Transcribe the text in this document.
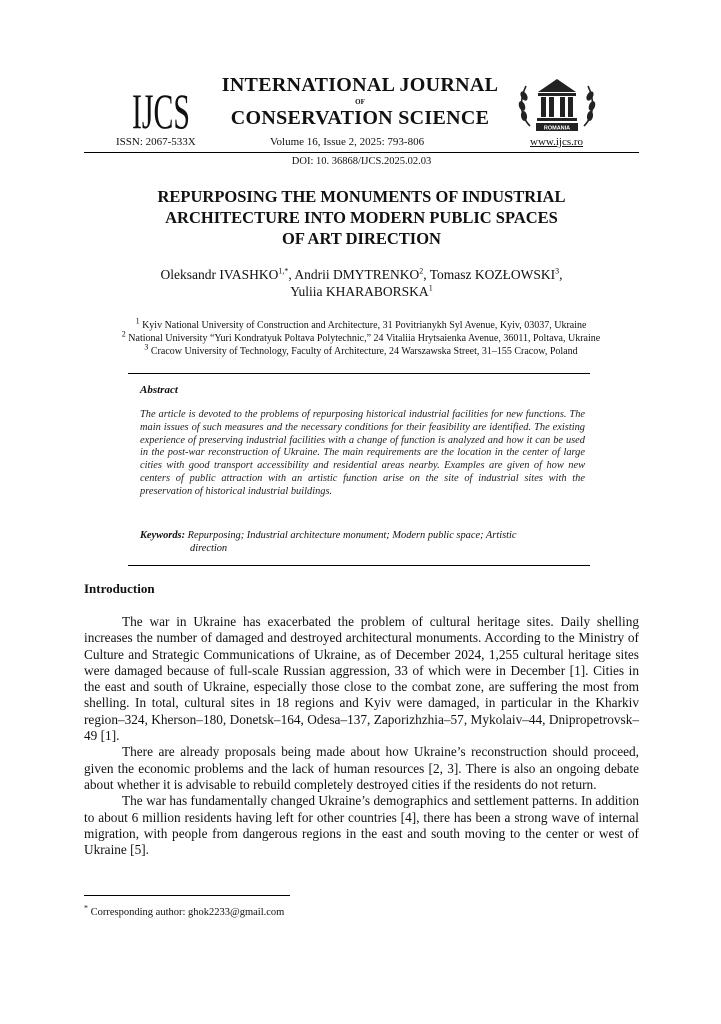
IJCS	INTERNATIONAL JOURNAL
OF
CONSERVATION SCIENCE	ROMANIA
ISSN: 2067-533X	Volume 16, Issue 2, 2025: 793-806	www.ijcs.ro
DOI: 10. 36868/IJCS.2025.02.03
REPURPOSING THE MONUMENTS OF INDUSTRIAL
ARCHITECTURE INTO MODERN PUBLIC SPACES
OF ART DIRECTION
Oleksandr $IVASHKO^{1,*}$, Andrii DMYTRENKO$^2$, Tomasz KOZŁOWSKI$^3$,
Yuliia KHARABORSKA$^1$
$^1$ Kyiv National University of Construction and Architecture, 31 Povitrianykh Syl Avenue, Kyiv, 03037, Ukraine
$^2$ National University “Yuri Kondratyuk Poltava Polytechnic,” 24 Vitaliia Hrytsaienka Avenue, 36011, Poltava, Ukraine
$^3$ Cracow University of Technology, Faculty of Architecture, 24 Warszawska Street, 31–155 Cracow, Poland
Abstract
The article is devoted to the problems of repurposing historical industrial facilities for new functions. The main issues of such measures and the necessary conditions for their feasibility are identified. The existing experience of preserving industrial facilities with a change of function is analyzed and how it can be used in the post-war reconstruction of Ukraine. The main requirements are the location in the center of large cities with good transport accessibility and residential areas nearby. Examples are given of how new centers of public attraction with an artistic function arise on the site of industrial sites with the preservation of historical industrial buildings.
Keywords: Repurposing; Industrial architecture monument; Modern public space; Artistic
direction
Introduction

The war in Ukraine has exacerbated the problem of cultural heritage sites. Daily shelling increases the number of damaged and destroyed architectural monuments. According to the Ministry of Culture and Strategic Communications of Ukraine, as of December 2024, 1,255 cultural heritage sites were damaged because of full-scale Russian aggression, 33 of which were in December [1]. Cities in the east and south of Ukraine, especially those close to the combat zone, are suffering the most from shelling. In total, cultural sites in 18 regions and Kyiv were damaged, in particular in the Kharkiv region–324, Kherson–180, Donetsk–164, Odesa–137, Zaporizhzhia–57, Mykolaiv–44, Dnipropetrovsk–49 [1].

There are already proposals being made about how Ukraine’s reconstruction should proceed, given the economic problems and the lack of human resources [2, 3]. There is also an ongoing debate about whether it is advisable to rebuild completely destroyed cities if the residents do not return.

The war has fundamentally changed Ukraine’s demographics and settlement patterns. In addition to about 6 million residents having left for other countries [4], there has been a strong wave of internal migration, with people from dangerous regions in the east and south moving to the center or west of Ukraine [5].

* Corresponding author: ghok2233@gmail.com
